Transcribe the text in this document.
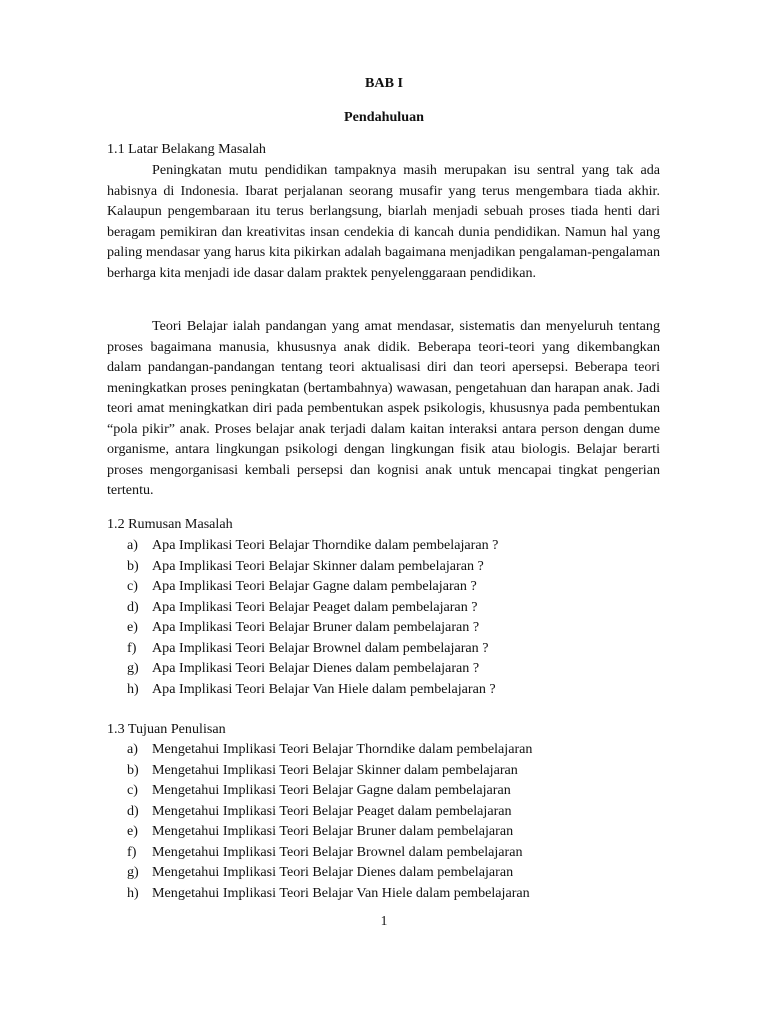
BAB I
Pendahuluan
1.1 Latar Belakang Masalah

Peningkatan mutu pendidikan tampaknya masih merupakan isu sentral yang tak ada habisnya di Indonesia. Ibarat perjalanan seorang musafir yang terus mengembara tiada akhir. Kalaupun pengembaraan itu terus berlangsung, biarlah menjadi sebuah proses tiada henti dari beragam pemikiran dan kreativitas insan cendekia di kancah dunia pendidikan. Namun hal yang paling mendasar yang harus kita pikirkan adalah bagaimana menjadikan pengalaman-pengalaman berharga kita menjadi ide dasar dalam praktek penyelenggaraan pendidikan.

Teori Belajar ialah pandangan yang amat mendasar, sistematis dan menyeluruh tentang proses bagaimana manusia, khususnya anak didik. Beberapa teori-teori yang dikembangkan dalam pandangan-pandangan tentang teori aktualisasi diri dan teori apersepsi. Beberapa teori meningkatkan proses peningkatan (bertambahnya) wawasan, pengetahuan dan harapan anak. Jadi teori amat meningkatkan diri pada pembentukan aspek psikologis, khususnya pada pembentukan “pola pikir” anak. Proses belajar anak terjadi dalam kaitan interaksi antara person dengan dume organisme, antara lingkungan psikologi dengan lingkungan fisik atau biologis. Belajar berarti proses mengorganisasi kembali persepsi dan kognisi anak untuk mencapai tingkat pengerian tertentu.

1.2 Rumusan Masalah
a) Apa Implikasi Teori Belajar Thorndike dalam pembelajaran ?
b) Apa Implikasi Teori Belajar Skinner dalam pembelajaran ?
c) Apa Implikasi Teori Belajar Gagne dalam pembelajaran ?
d) Apa Implikasi Teori Belajar Peaget dalam pembelajaran ?
e) Apa Implikasi Teori Belajar Bruner dalam pembelajaran ?
f) Apa Implikasi Teori Belajar Brownel dalam pembelajaran ?
g) Apa Implikasi Teori Belajar Dienes dalam pembelajaran ?
h) Apa Implikasi Teori Belajar Van Hiele dalam pembelajaran ?
1.3 Tujuan Penulisan
a) Mengetahui Implikasi Teori Belajar Thorndike dalam pembelajaran
b) Mengetahui Implikasi Teori Belajar Skinner dalam pembelajaran
c) Mengetahui Implikasi Teori Belajar Gagne dalam pembelajaran
d) Mengetahui Implikasi Teori Belajar Peaget dalam pembelajaran
e) Mengetahui Implikasi Teori Belajar Bruner dalam pembelajaran
f) Mengetahui Implikasi Teori Belajar Brownel dalam pembelajaran
g) Mengetahui Implikasi Teori Belajar Dienes dalam pembelajaran
h) Mengetahui Implikasi Teori Belajar Van Hiele dalam pembelajaran
1
